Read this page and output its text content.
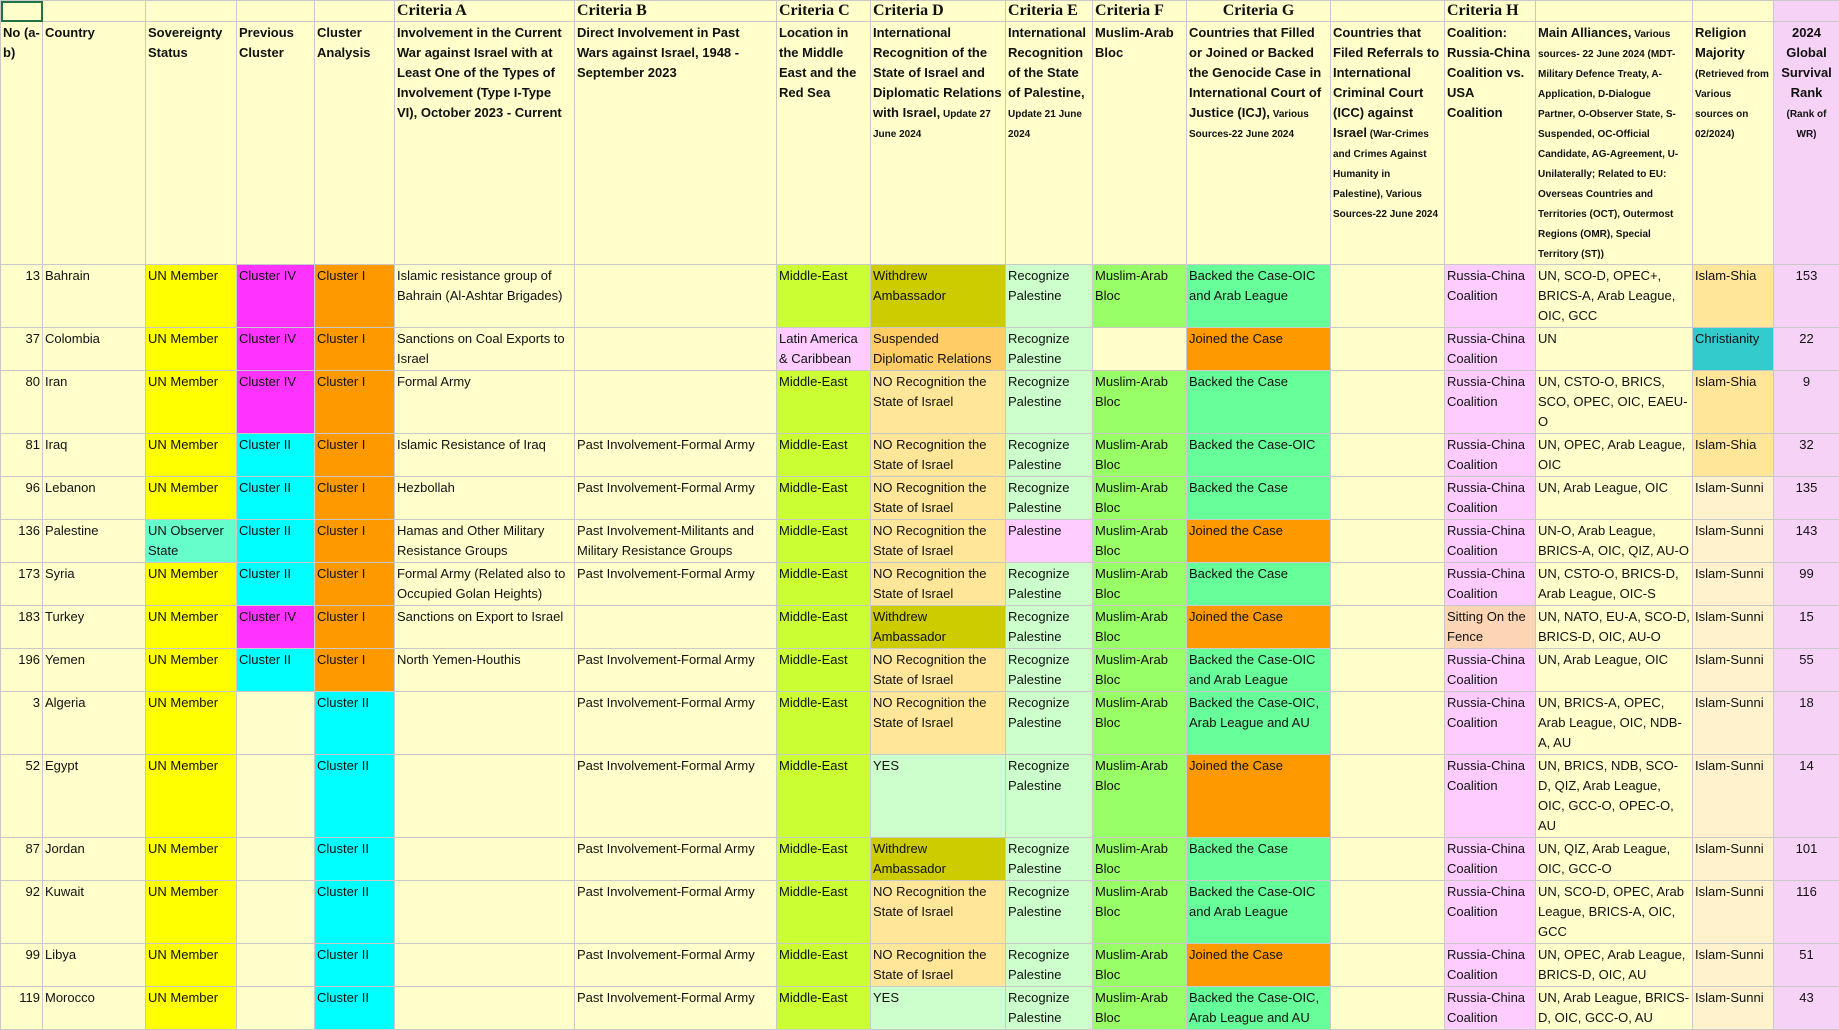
					Criteria A	Criteria B	Criteria C	Criteria D	Criteria E	Criteria F	Criteria G		Criteria H			
No (a-b)	Country	Sovereignty Status	Previous Cluster	Cluster Analysis	Involvement in the Current War against Israel with at Least One of the Types of Involvement (Type I-Type VI), October 2023 - Current	Direct Involvement in Past Wars against Israel, 1948 - September 2023	Location in the Middle East and the Red Sea	International Recognition of the State of Israel and Diplomatic Relations with Israel, Update 27 June 2024	International Recognition of the State of Palestine, Update 21 June 2024	Muslim-Arab Bloc	Countries that Filled or Joined or Backed the Genocide Case in International Court of Justice (ICJ), Various Sources-22 June 2024	Countries that Filed Referrals to International Criminal Court (ICC) against Israel (War-Crimes and Crimes Against Humanity in Palestine), Various Sources-22 June 2024	Coalition: Russia-China Coalition vs. USA Coalition	Main Alliances, Various sources- 22 June 2024 (MDT-Military Defence Treaty, A-Application, D-Dialogue Partner, O-Observer State, S-Suspended, OC-Official Candidate, AG-Agreement, U-Unilaterally; Related to EU: Overseas Countries and Territories (OCT), Outermost Regions (OMR), Special Territory (ST))	Religion Majority (Retrieved from Various sources on 02/2024)	2024 Global Survival Rank (Rank of WR)
13	Bahrain	UN Member	Cluster IV	Cluster I	Islamic resistance group of Bahrain (Al-Ashtar Brigades)		Middle-East	Withdrew Ambassador	Recognize Palestine	Muslim-Arab Bloc	Backed the Case-OIC and Arab League		Russia-China Coalition	UN, SCO-D, OPEC+, BRICS-A, Arab League, OIC, GCC	Islam-Shia	153
37	Colombia	UN Member	Cluster IV	Cluster I	Sanctions on Coal Exports to Israel		Latin America & Caribbean	Suspended Diplomatic Relations	Recognize Palestine		Joined the Case		Russia-China Coalition	UN	Christianity	22
80	Iran	UN Member	Cluster IV	Cluster I	Formal Army		Middle-East	NO Recognition the State of Israel	Recognize Palestine	Muslim-Arab Bloc	Backed the Case		Russia-China Coalition	UN, CSTO-O, BRICS, SCO, OPEC, OIC, EAEU-O	Islam-Shia	9
81	Iraq	UN Member	Cluster II	Cluster I	Islamic Resistance of Iraq	Past Involvement-Formal Army	Middle-East	NO Recognition the State of Israel	Recognize Palestine	Muslim-Arab Bloc	Backed the Case-OIC		Russia-China Coalition	UN, OPEC, Arab League, OIC	Islam-Shia	32
96	Lebanon	UN Member	Cluster II	Cluster I	Hezbollah	Past Involvement-Formal Army	Middle-East	NO Recognition the State of Israel	Recognize Palestine	Muslim-Arab Bloc	Backed the Case		Russia-China Coalition	UN, Arab League, OIC	Islam-Sunni	135
136	Palestine	UN Observer State	Cluster II	Cluster I	Hamas and Other Military Resistance Groups	Past Involvement-Militants and Military Resistance Groups	Middle-East	NO Recognition the State of Israel	Palestine	Muslim-Arab Bloc	Joined the Case		Russia-China Coalition	UN-O, Arab League, BRICS-A, OIC, QIZ, AU-O	Islam-Sunni	143
173	Syria	UN Member	Cluster II	Cluster I	Formal Army (Related also to Occupied Golan Heights)	Past Involvement-Formal Army	Middle-East	NO Recognition the State of Israel	Recognize Palestine	Muslim-Arab Bloc	Backed the Case		Russia-China Coalition	UN, CSTO-O, BRICS-D, Arab League, OIC-S	Islam-Sunni	99
183	Turkey	UN Member	Cluster IV	Cluster I	Sanctions on Export to Israel		Middle-East	Withdrew Ambassador	Recognize Palestine	Muslim-Arab Bloc	Joined the Case		Sitting On the Fence	UN, NATO, EU-A, SCO-D, BRICS-D, OIC, AU-O	Islam-Sunni	15
196	Yemen	UN Member	Cluster II	Cluster I	North Yemen-Houthis	Past Involvement-Formal Army	Middle-East	NO Recognition the State of Israel	Recognize Palestine	Muslim-Arab Bloc	Backed the Case-OIC and Arab League		Russia-China Coalition	UN, Arab League, OIC	Islam-Sunni	55
3	Algeria	UN Member		Cluster II		Past Involvement-Formal Army	Middle-East	NO Recognition the State of Israel	Recognize Palestine	Muslim-Arab Bloc	Backed the Case-OIC, Arab League and AU		Russia-China Coalition	UN, BRICS-A, OPEC, Arab League, OIC, NDB-A, AU	Islam-Sunni	18
52	Egypt	UN Member		Cluster II		Past Involvement-Formal Army	Middle-East	YES	Recognize Palestine	Muslim-Arab Bloc	Joined the Case		Russia-China Coalition	UN, BRICS, NDB, SCO-D, QIZ, Arab League, OIC, GCC-O, OPEC-O, AU	Islam-Sunni	14
87	Jordan	UN Member		Cluster II		Past Involvement-Formal Army	Middle-East	Withdrew Ambassador	Recognize Palestine	Muslim-Arab Bloc	Backed the Case		Russia-China Coalition	UN, QIZ, Arab League, OIC, GCC-O	Islam-Sunni	101
92	Kuwait	UN Member		Cluster II		Past Involvement-Formal Army	Middle-East	NO Recognition the State of Israel	Recognize Palestine	Muslim-Arab Bloc	Backed the Case-OIC and Arab League		Russia-China Coalition	UN, SCO-D, OPEC, Arab League, BRICS-A, OIC, GCC	Islam-Sunni	116
99	Libya	UN Member		Cluster II		Past Involvement-Formal Army	Middle-East	NO Recognition the State of Israel	Recognize Palestine	Muslim-Arab Bloc	Joined the Case		Russia-China Coalition	UN, OPEC, Arab League, BRICS-D, OIC, AU	Islam-Sunni	51
119	Morocco	UN Member		Cluster II		Past Involvement-Formal Army	Middle-East	YES	Recognize Palestine	Muslim-Arab Bloc	Backed the Case-OIC, Arab League and AU		Russia-China Coalition	UN, Arab League, BRICS-D, OIC, GCC-O, AU	Islam-Sunni	43
